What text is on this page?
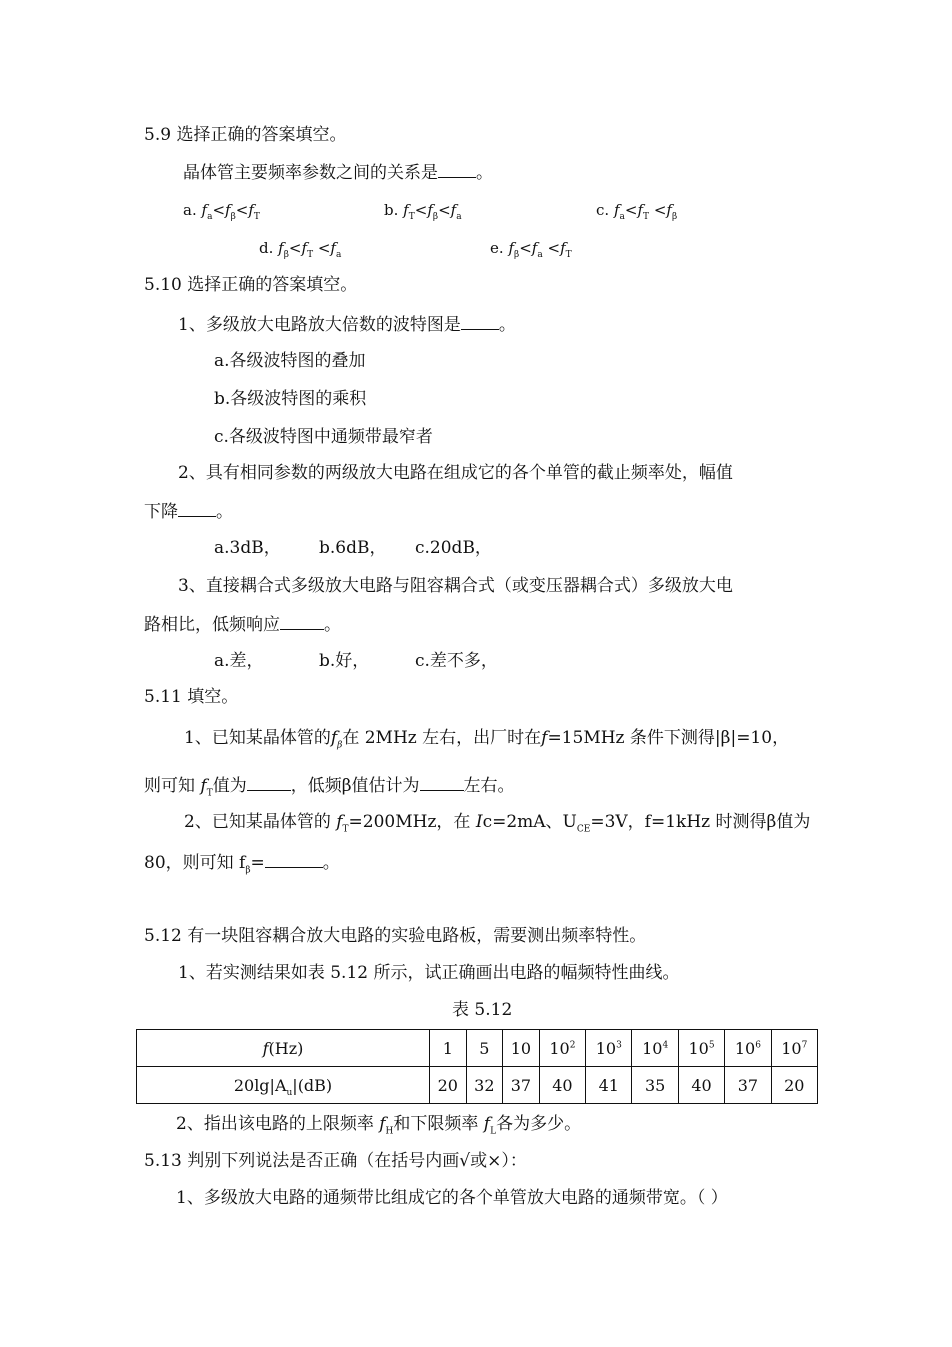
5.9 选择正确的答案填空。
晶体管主要频率参数之间的关系是 。
a. $f_a<f_\beta<f_T$	b. $f_T<f_\beta<f_a$	c. $f_a<f_T <f_\beta$
d. $f_\beta<f_T <f_a$	e. $f_\beta<f_a <f_T$
5.10 选择正确的答案填空。
1、多级放大电路放大倍数的波特图是 。
a.各级波特图的叠加
b.各级波特图的乘积
c.各级波特图中通频带最窄者
2、具有相同参数的两级放大电路在组成它的各个单管的截止频率处，幅值
下降 。
a.3dB， b.6dB， c.20dB，
3、直接耦合式多级放大电路与阻容耦合式（或变压器耦合式）多级放大电
路相比，低频响应	。
a.差，	b.好，	c.差不多，
5.11 填空。
1、已知某晶体管的$f_\beta$在 2MHz 左右，出厂时在f=15MHz 条件下测得|β|=10，
则可知 $f_T$值为	，低频β值估计为	左右。
2、已知某晶体管的 $f_T=200MHz$，在 Ic=2mA、$U_{CE}=3V$，f=1kHz 时测得β值为
80，则可知 $f_\beta=$	。
5.12 有一块阻容耦合放大电路的实验电路板，需要测出频率特性。
1、若实测结果如表 5.12 所示，试正确画出电路的幅频特性曲线。
表 5.12
f(Hz)	1	5	10	$10^2$	$10^3$	$10^4$	$10^5$	$10^6$	$10^7$
$20\lg|A_u|(dB)$	20	32	37	40	41	35	40	37	20
2、指出该电路的上限频率 $f_H$和下限频率 $f_L$各为多少。
5.13 判别下列说法是否正确（在括号内画√或×）：
1、多级放大电路的通频带比组成它的各个单管放大电路的通频带宽。（ ）
